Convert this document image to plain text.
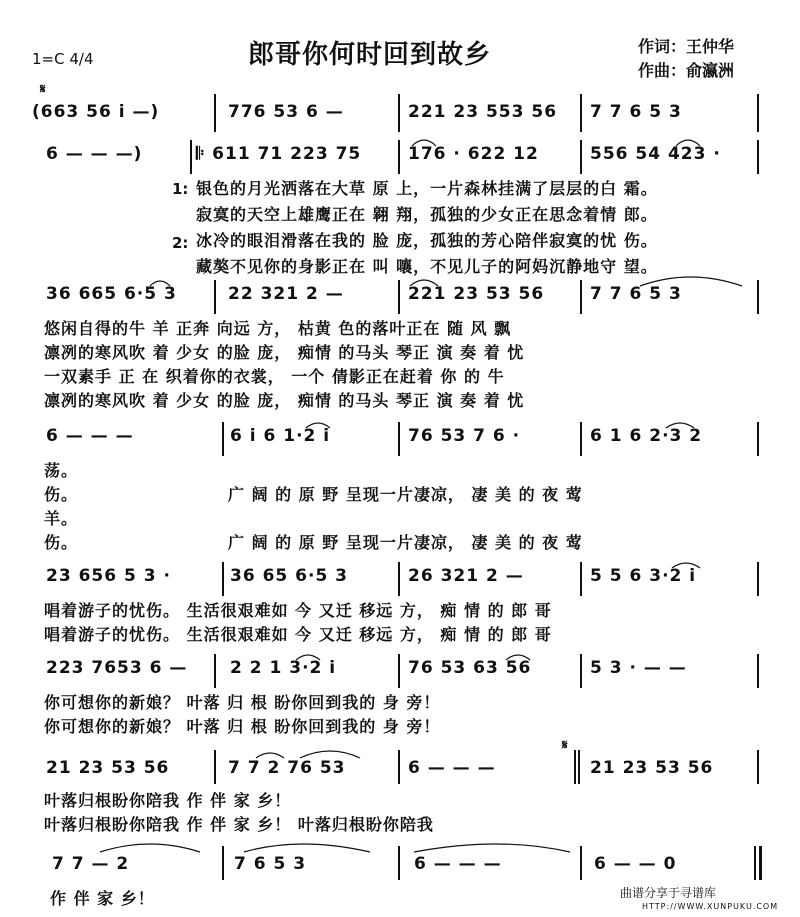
郎哥你何时回到故乡
1=C 4/4
作词：王仲华
作曲：俞瀛洲
𝄋
(663 56 i —)	776 53 6 —	221 23 553 56 7 7 6 5 3
6 — — —)	𝄆 611 71 223 75	176 · 622 12	556 54 423 ·
1:
2:
银色的月光洒落在大草 原 上，一片森林挂满了层层的白 霜。
寂寞的天空上雄鹰正在 翱 翔，孤独的少女正在思念着情 郎。
冰冷的眼泪滑落在我的 脸 庞，孤独的芳心陪伴寂寞的忧 伤。
藏獒不见你的身影正在 叫 嚷，不见儿子的阿妈沉静地守 望。
36 665 6·5 3	22 321 2 —	221 23 53 56	7 7 6 5 3
悠闲自得的牛 羊 正奔 向远 方， 枯黄 色的落叶正在 随 风 飘
凛冽的寒风吹 着 少女 的脸 庞， 痴情 的马头 琴正 演 奏 着 忧
一双素手 正 在 织着你的衣裳， 一个 倩影正在赶着 你 的 牛
凛冽的寒风吹 着 少女 的脸 庞， 痴情 的马头 琴正 演 奏 着 忧
6 — — —	6 i 6 1·2 i	76 53 7 6 ·	6 1 6 2·3 2
荡。
伤。
羊。
伤。
广 阔 的 原 野 呈现一片凄凉， 凄 美 的 夜 莺
广 阔 的 原 野 呈现一片凄凉， 凄 美 的 夜 莺
23 656 5 3 ·	36 65 6·5 3	26 321 2 —	5 5 6 3·2 i
唱着游子的忧伤。 生活很艰难如 今 又迁 移远 方， 痴 情 的 郎 哥
唱着游子的忧伤。 生活很艰难如 今 又迁 移远 方， 痴 情 的 郎 哥
223 7653 6 —	2 2 1 3·2 i	76 53 63 56	5 3 · — —
你可想你的新娘？ 叶落 归 根 盼你回到我的 身 旁！
你可想你的新娘？ 叶落 归 根 盼你回到我的 身 旁！
𝄋
21 23 53 56	7 7 2 76 53	6 — — —	21 23 53 56
叶落归根盼你陪我 作 伴 家 乡！
叶落归根盼你陪我 作 伴 家 乡！ 叶落归根盼你陪我
7 7 — 2	7 6 5 3	6 — — —	6 — — 0
作 伴 家 乡！	曲谱分享于寻谱库
HTTP://WWW.XUNPUKU.COM
